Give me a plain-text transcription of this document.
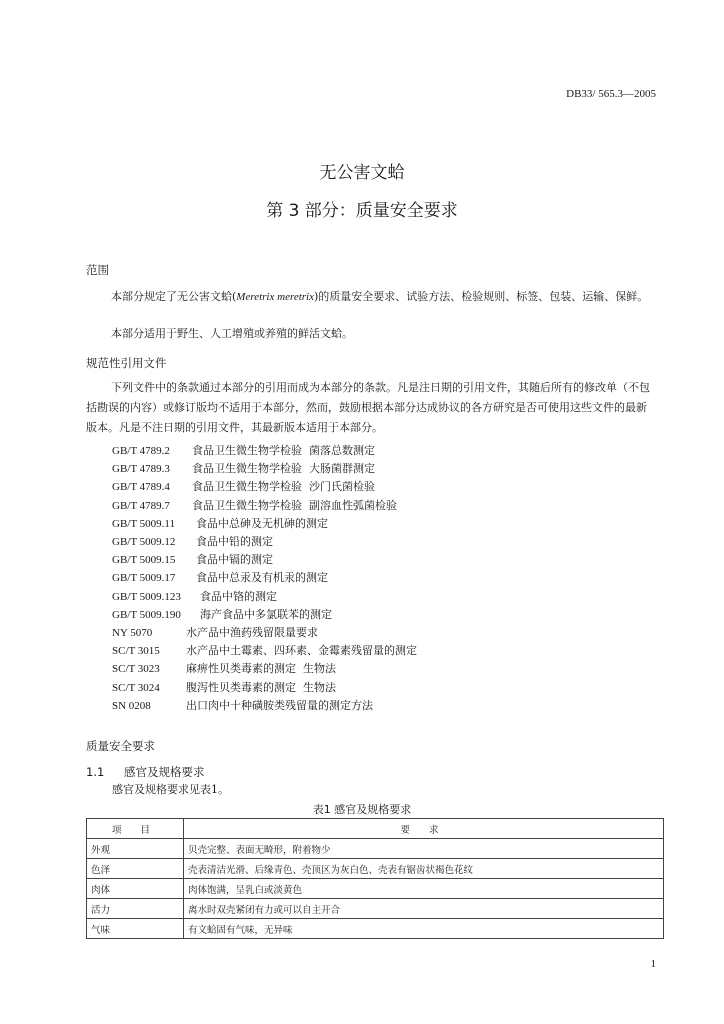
DB33/ 565.3—2005
无公害文蛤
第 3 部分：质量安全要求
范围
本部分规定了无公害文蛤(Meretrix meretrix)的质量安全要求、试验方法、检验规则、标签、包装、运输、保鲜。
本部分适用于野生、人工增殖或养殖的鲜活文蛤。
规范性引用文件
下列文件中的条款通过本部分的引用而成为本部分的条款。凡是注日期的引用文件，其随后所有的修改单（不包括勘误的内容）或修订版均不适用于本部分，然而，鼓励根据本部分达成协议的各方研究是否可使用这些文件的最新版本。凡是不注日期的引用文件，其最新版本适用于本部分。
GB/T 4789.2 食品卫生微生物学检验  菌落总数测定
GB/T 4789.3 食品卫生微生物学检验  大肠菌群测定
GB/T 4789.4 食品卫生微生物学检验  沙门氏菌检验
GB/T 4789.7 食品卫生微生物学检验  副溶血性弧菌检验
GB/T 5009.11 食品中总砷及无机砷的测定
GB/T 5009.12 食品中铅的测定
GB/T 5009.15 食品中镉的测定
GB/T 5009.17 食品中总汞及有机汞的测定
GB/T 5009.123 食品中铬的测定
GB/T 5009.190 海产食品中多氯联苯的测定
NY 5070	水产品中渔药残留限量要求
SC/T 3015 水产品中土霉素、四环素、金霉素残留量的测定
SC/T 3023 麻痹性贝类毒素的测定  生物法
SC/T 3024 腹泻性贝类毒素的测定  生物法
SN 0208	出口肉中十种磺胺类残留量的测定方法
质量安全要求
1.1 感官及规格要求
感官及规格要求见表1。
表1 感官及规格要求
项 目	要 求
外观	贝壳完整、表面无畸形，附着物少
色泽	壳表清洁光滑、后缘青色、壳顶区为灰白色、壳表有锯齿状褐色花纹
肉体	肉体饱满，呈乳白或淡黄色
活力	离水时双壳紧闭有力或可以自主开合
气味	有文蛤固有气味，无异味
1
